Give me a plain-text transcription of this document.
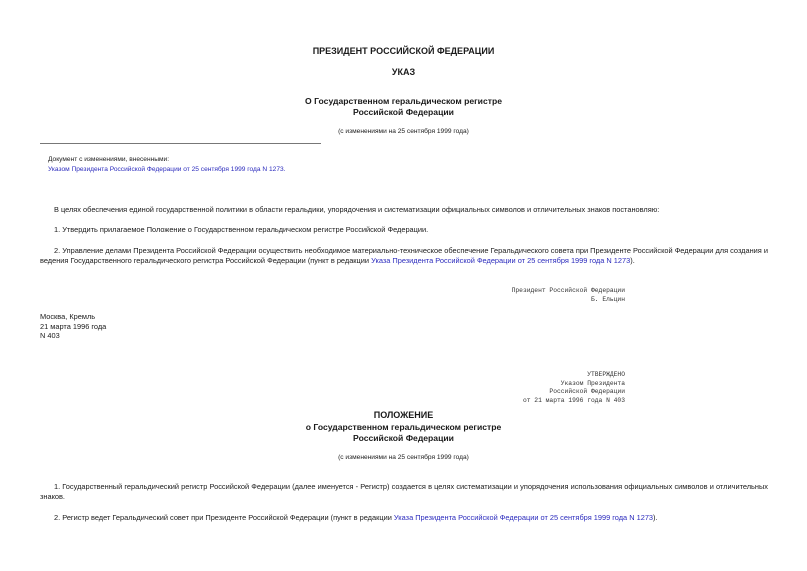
ПРЕЗИДЕНТ РОССИЙСКОЙ ФЕДЕРАЦИИ
УКАЗ
О Государственном геральдическом регистре
Российской Федерации
(с изменениями на 25 сентября 1999 года)
Документ с изменениями, внесенными:
Указом Президента Российской Федерации от 25 сентября 1999 года N 1273.
В целях обеспечения единой государственной политики в области геральдики, упорядочения и систематизации официальных символов и отличительных знаков постановляю:
1. Утвердить прилагаемое Положение о Государственном геральдическом регистре Российской Федерации.
2. Управление делами Президента Российской Федерации осуществить необходимое материально-техническое обеспечение Геральдического совета при Президенте Российской Федерации для создания и ведения Государственного геральдического регистра Российской Федерации (пункт в редакции Указа Президента Российской Федерации от 25 сентября 1999 года N 1273).
Президент Российской Федерации
Б. Ельцин
Москва, Кремль
21 марта 1996 года
N 403
УТВЕРЖДЕНО
Указом Президента
Российской Федерации
от 21 марта 1996 года N 403
ПОЛОЖЕНИЕ
о Государственном геральдическом регистре
Российской Федерации
(с изменениями на 25 сентября 1999 года)
1. Государственный геральдический регистр Российской Федерации (далее именуется - Регистр) создается в целях систематизации и упорядочения использования официальных символов и отличительных знаков.
2. Регистр ведет Геральдический совет при Президенте Российской Федерации (пункт в редакции Указа Президента Российской Федерации от 25 сентября 1999 года N 1273).
